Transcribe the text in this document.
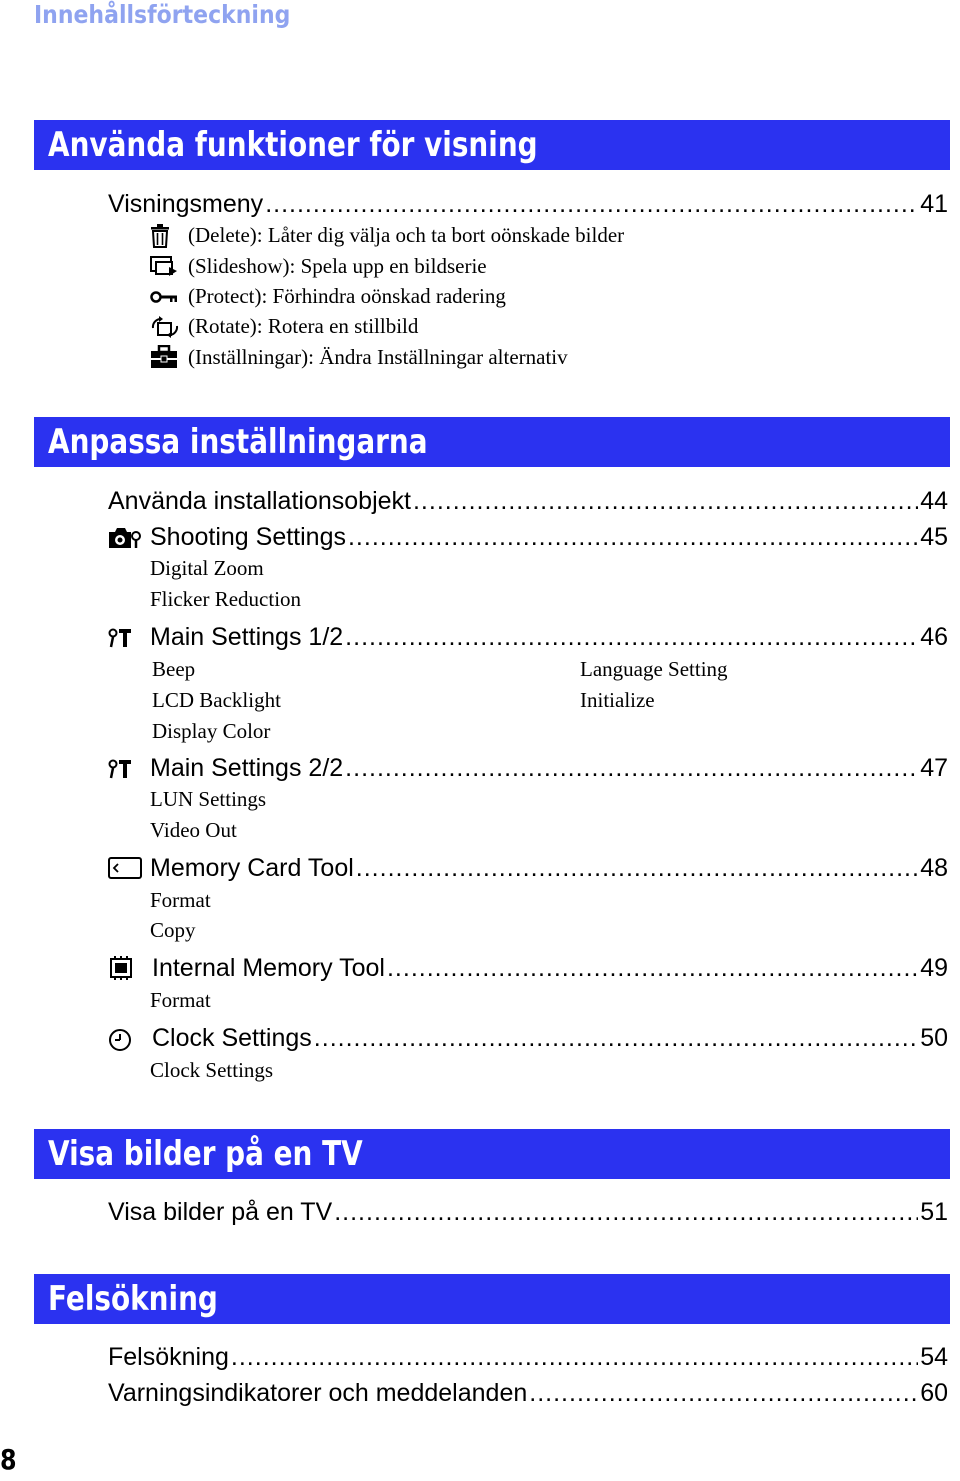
Innehållsförteckning
Använda funktioner för visning
Visningsmeny .....	41
(Delete): Låter dig välja och ta bort oönskade bilder
(Slideshow): Spela upp en bildserie
(Protect): Förhindra oönskad radering
(Rotate): Rotera en stillbild
(Inställningar): Ändra Inställningar alternativ
Anpassa inställningarna
Använda installationsobjekt .....	44
Shooting Settings .....	45
Digital Zoom
Flicker Reduction
Main Settings 1/2 .....	46
Beep
LCD Backlight
Display Color
Language Setting
Initialize
Main Settings 2/2 .....	47
LUN Settings
Video Out
Memory Card Tool .....	48
Format
Copy
Internal Memory Tool .....	49
Format
Clock Settings .....	50
Clock Settings
Visa bilder på en TV
Visa bilder på en TV .....	51
Felsökning
Felsökning .....	54
Varningsindikatorer och meddelanden .....	60
8
